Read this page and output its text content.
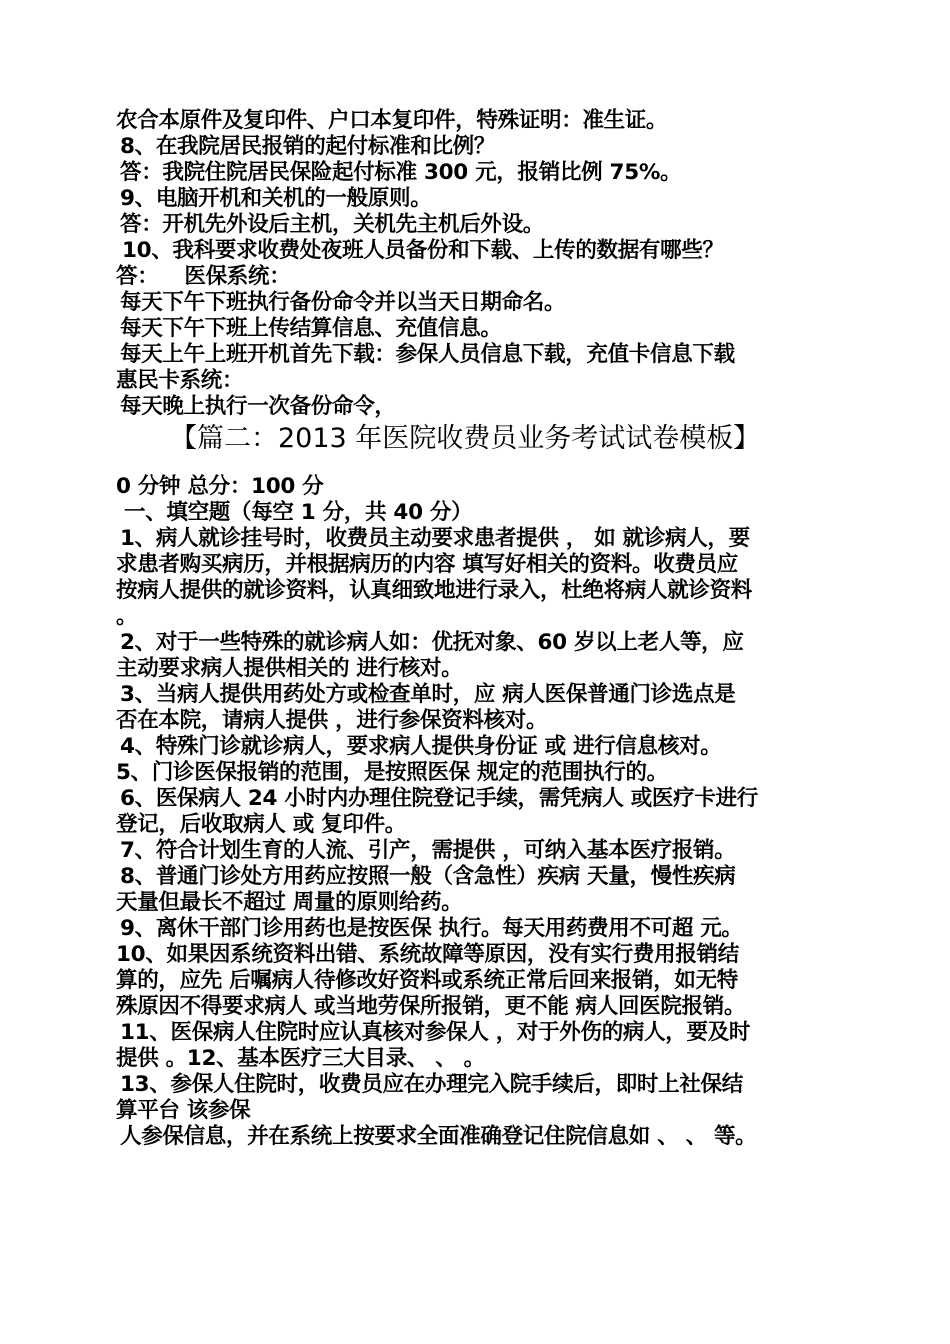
农合本原件及复印件、户口本复印件，特殊证明：准生证。
8、在我院居民报销的起付标准和比例？
答：我院住院居民保险起付标准 300 元，报销比例 75%。
9、电脑开机和关机的一般原则。
答：开机先外设后主机，关机先主机后外设。
10、我科要求收费处夜班人员备份和下载、上传的数据有哪些？
答： 医保系统：
每天下午下班执行备份命令并以当天日期命名。
每天下午下班上传结算信息、充值信息。
每天上午上班开机首先下载：参保人员信息下载，充值卡信息下载
惠民卡系统：
每天晚上执行一次备份命令，
【篇二：2013 年医院收费员业务考试试卷模板】
0 分钟 总分：100 分
一、填空题（每空 1 分，共 40 分）
1、病人就诊挂号时，收费员主动要求患者提供 ， 如 就诊病人，要
求患者购买病历，并根据病历的内容 填写好相关的资料。收费员应
按病人提供的就诊资料，认真细致地进行录入，杜绝将病人就诊资料
。
2、对于一些特殊的就诊病人如：优抚对象、60 岁以上老人等，应
主动要求病人提供相关的 进行核对。
3、当病人提供用药处方或检查单时，应 病人医保普通门诊选点是
否在本院，请病人提供 ，进行参保资料核对。
4、特殊门诊就诊病人，要求病人提供身份证 或 进行信息核对。
5、门诊医保报销的范围，是按照医保 规定的范围执行的。
6、医保病人 24 小时内办理住院登记手续，需凭病人 或医疗卡进行
登记，后收取病人 或 复印件。
7、符合计划生育的人流、引产，需提供 ，可纳入基本医疗报销。
8、普通门诊处方用药应按照一般（含急性）疾病 天量，慢性疾病
天量但最长不超过 周量的原则给药。
9、离休干部门诊用药也是按医保 执行。每天用药费用不可超 元。
10、如果因系统资料出错、系统故障等原因，没有实行费用报销结
算的，应先 后嘱病人待修改好资料或系统正常后回来报销，如无特
殊原因不得要求病人 或当地劳保所报销，更不能 病人回医院报销。
11、医保病人住院时应认真核对参保人 ，对于外伤的病人，要及时
提供 。12、基本医疗三大目录、 、 。
13、参保人住院时，收费员应在办理完入院手续后，即时上社保结
算平台 该参保
人参保信息，并在系统上按要求全面准确登记住院信息如 、 、 等。
